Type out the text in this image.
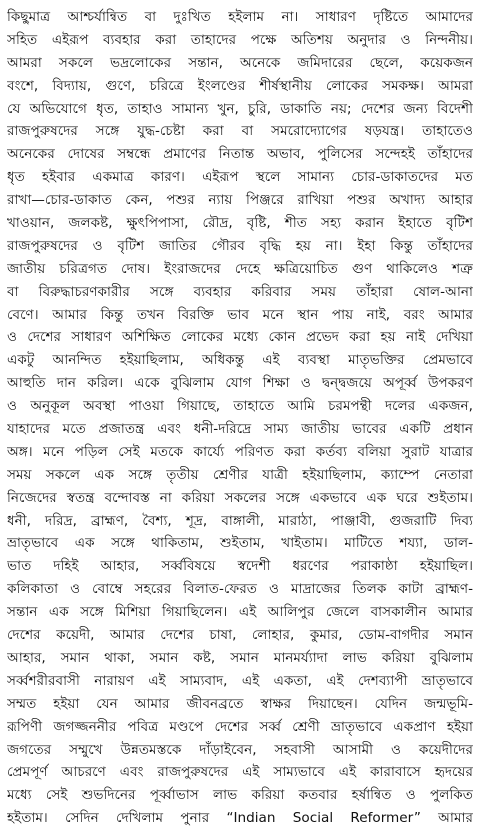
কিছুমাত্র আশ্চর্যান্বিত বা দুঃখিত হইলাম না। সাধারণ দৃষ্টিতে আমাদের
সহিত এইরূপ ব্যবহার করা তাহাদের পক্ষে অতিশয় অনুদার ও নিন্দনীয়।
আমরা সকলে ভদ্রলোকের সন্তান, অনেকে জমিদারের ছেলে, কয়েকজন
বংশে, বিদ্যায়, গুণে, চরিত্রে ইংলণ্ডের শীর্ষস্থানীয় লোকের সমকক্ষ। আমরা
যে অভিযোগে ধৃত, তাহাও সামান্য খুন, চুরি, ডাকাতি নয়; দেশের জন্য বিদেশী
রাজপুরুষদের সঙ্গে যুদ্ধ-চেষ্টা করা বা সমরোদ্যোগের ষড়যন্ত্র। তাহাতেও
অনেকের দোষের সম্বন্ধে প্রমাণের নিতান্ত অভাব, পুলিসের সন্দেহই তাঁহাদের
ধৃত হইবার একমাত্র কারণ। এইরূপ স্থলে সামান্য চোর-ডাকাতদের মত
রাখা—চোর-ডাকাত কেন, পশুর ন্যায় পিঞ্জরে রাখিয়া পশুর অখাদ্য আহার
খাওয়ান, জলকষ্ট, ক্ষুৎপিপাসা, রৌদ্র, বৃষ্টি, শীত সহ্য করান ইহাতে বৃটিশ
রাজপুরুষদের ও বৃটিশ জাতির গৌরব বৃদ্ধি হয় না। ইহা কিন্তু তাঁহাদের
জাতীয় চরিত্রগত দোষ। ইংরাজদের দেহে ক্ষত্রিয়োচিত গুণ থাকিলেও শত্রু
বা বিরুদ্ধাচরণকারীর সঙ্গে ব্যবহার করিবার সময় তাঁহারা ষোল-আনা
বেণে। আমার কিন্তু তখন বিরক্তি ভাব মনে স্থান পায় নাই, বরং আমার
ও দেশের সাধারণ অশিক্ষিত লোকের মধ্যে কোন প্রভেদ করা হয় নাই দেখিয়া
একটু আনন্দিত হইয়াছিলাম, অধিকন্তু এই ব্যবস্থা মাতৃভক্তির প্রেমভাবে
আহুতি দান করিল। একে বুঝিলাম যোগ শিক্ষা ও দ্বন্দ্বজয়ে অপূর্ব্ব উপকরণ
ও অনুকূল অবস্থা পাওয়া গিয়াছে, তাহাতে আমি চরমপন্থী দলের একজন,
যাহাদের মতে প্রজাতন্ত্র এবং ধনী-দরিদ্রে সাম্য জাতীয় ভাবের একটি প্রধান
অঙ্গ। মনে পড়িল সেই মতকে কার্য্যে পরিণত করা কর্তব্য বলিয়া সুরাট যাত্রার
সময় সকলে এক সঙ্গে তৃতীয় শ্রেণীর যাত্রী হইয়াছিলাম, ক্যাম্পে নেতারা
নিজেদের স্বতন্ত্র বন্দোবস্ত না করিয়া সকলের সঙ্গে একভাবে এক ঘরে শুইতাম।
ধনী, দরিদ্র, ব্রাহ্মণ, বৈশ্য, শূদ্র, বাঙ্গালী, মারাঠা, পাঞ্জাবী, গুজরাটি দিব্য
ভ্রাতৃভাবে এক সঙ্গে থাকিতাম, শুইতাম, খাইতাম। মাটিতে শয্যা, ডাল-
ভাত দহিই আহার, সর্ব্ববিষয়ে স্বদেশী ধরণের পরাকাষ্ঠা হইয়াছিল।
কলিকাতা ও বোম্বে সহরের বিলাত-ফেরত ও মাদ্রাজের তিলক কাটা ব্রাহ্মণ-
সন্তান এক সঙ্গে মিশিয়া গিয়াছিলেন। এই আলিপুর জেলে বাসকালীন আমার
দেশের কয়েদী, আমার দেশের চাষা, লোহার, কুমার, ডোম-বাগদীর সমান
আহার, সমান থাকা, সমান কষ্ট, সমান মানমর্য্যাদা লাভ করিয়া বুঝিলাম
সর্ব্বশরীরবাসী নারায়ণ এই সাম্যবাদ, এই একতা, এই দেশব্যাপী ভ্রাতৃভাবে
সম্মত হইয়া যেন আমার জীবনব্রতে স্বাক্ষর দিয়াছেন। যেদিন জন্মভূমি-
রূপিণী জগজ্জননীর পবিত্র মণ্ডপে দেশের সর্ব্ব শ্রেণী ভ্রাতৃভাবে একপ্রাণ হইয়া
জগতের সম্মুখে উন্নতমস্তকে দাঁড়াইবেন, সহবাসী আসামী ও কয়েদীদের
প্রেমপূর্ণ আচরণে এবং রাজপুরুষদের এই সাম্যভাবে এই কারাবাসে হৃদয়ের
মধ্যে সেই শুভদিনের পূর্ব্বাভাস লাভ করিয়া কতবার হর্ষান্বিত ও পুলকিত
হইতাম। সেদিন দেখিলাম পুনার “Indian Social Reformer” আমার
